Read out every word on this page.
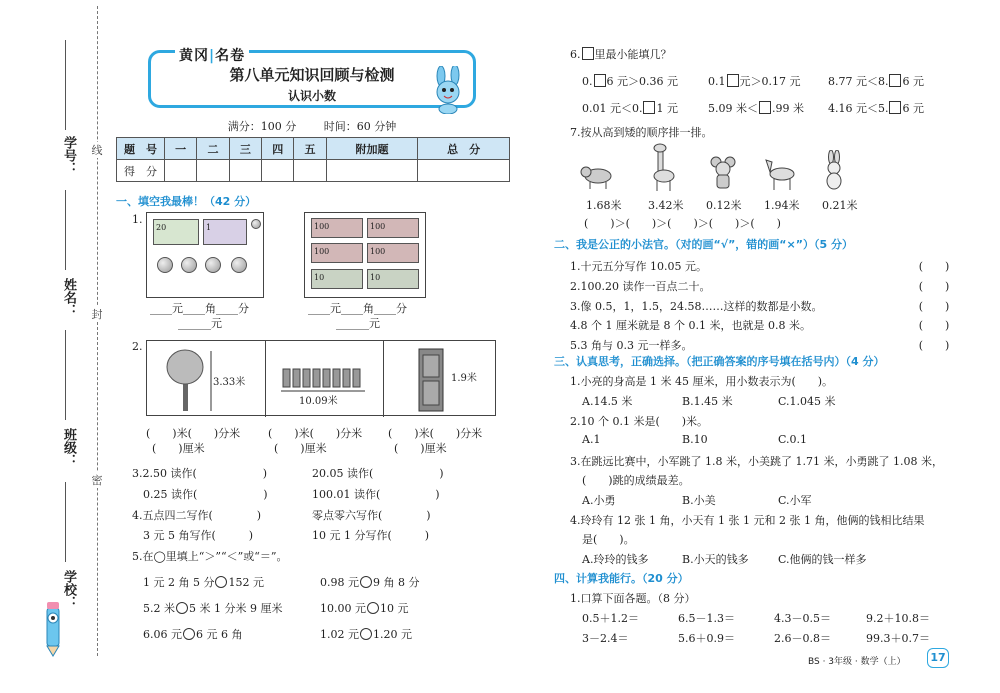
线
封
密
学号：
姓名：
班级：
学校：
黄冈|名卷
第八单元知识回顾与检测
认识小数
满分：100 分	时间：60 分钟
题　号	一	二	三	四	五	附加题	总　分
得　分							
一、填空我最棒！（42 分）
1.
20	1	100	100
100	100
10	10
____元____角____分
______元
____元____角____分
______元
2.
3.33米
10.09米
1.9米
(　　)米(　　)分米
(　　)厘米
(　　)米(　　)分米
(　　)厘米
(　　)米(　　)分米
(　　)厘米
3.2.50 读作(　　　　　　)	20.05 读作(　　　　　　)
0.25 读作(　　　　　　)	100.01 读作(　　　　　)
4.五点四二写作(　　　　)	零点零六写作(　　　　)
3 元 5 角写作(　　　)	10 元 1 分写作(　　　)
5.在◯里填上“＞”“＜”或“＝”。
1 元 2 角 5 分 152 元	0.98 元 9 角 8 分
5.2 米 5 米 1 分米 9 厘米	10.00 元 10 元
6.06 元 6 元 6 角	1.02 元 1.20 元
6. 里最小能填几？
0. 6 元＞0.36 元	0.1 元＞0.17 元	8.77 元＜8. 6 元
0.01 元＜0. 1 元	5.09 米＜ .99 米 4.16 元＜5. 6 元
7.按从高到矮的顺序排一排。
1.68米 3.42米 0.12米 1.94米 0.21米
(　　)＞(　　)＞(　　)＞(　　)＞(　　)
二、我是公正的小法官。（对的画“√”，错的画“×”）（5 分）
1.十元五分写作 10.05 元。	(　　)
2.100.20 读作一百点二十。	(　　)
3.像 0.5，1，1.5，24.58……这样的数都是小数。	(　　)
4.8 个 1 厘米就是 8 个 0.1 米，也就是 0.8 米。	(　　)
5.3 角与 0.3 元一样多。	(　　)
三、认真思考，正确选择。（把正确答案的序号填在括号内）（4 分）
1.小亮的身高是 1 米 45 厘米，用小数表示为(　　)。
A.14.5 米	B.1.45 米	C.1.045 米
2.10 个 0.1 米是(　　)米。
A.1	B.10	C.0.1
3.在跳远比赛中，小军跳了 1.8 米，小美跳了 1.71 米，小勇跳了 1.08 米，
(　　)跳的成绩最差。
A.小勇	B.小美	C.小军
4.玲玲有 12 张 1 角，小天有 1 张 1 元和 2 张 1 角，他俩的钱相比结果
是(　　)。
A.玲玲的钱多	B.小天的钱多	C.他俩的钱一样多
四、计算我能行。（20 分）
1.口算下面各题。（8 分）
0.5＋1.2＝	6.5－1.3＝	4.3－0.5＝	9.2＋10.8＝
3－2.4＝	5.6＋0.9＝	2.6－0.8＝	99.3＋0.7＝
BS · 3年级 · 数学（上）	17
